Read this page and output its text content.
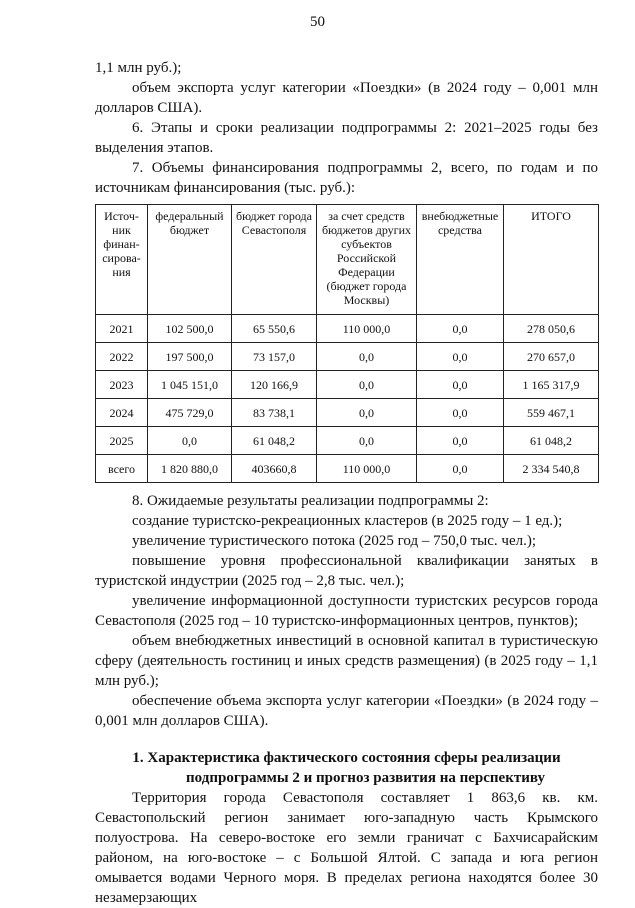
50

1,1 млн руб.);

объем экспорта услуг категории «Поездки» (в 2024 году – 0,001 млн долларов США).

6. Этапы и сроки реализации подпрограммы 2: 2021–2025 годы без выделения этапов.

7. Объемы финансирования подпрограммы 2, всего, по годам и по источникам финансирования (тыс. руб.):

Источ-ник финан-сирова-ния	федеральный бюджет	бюджет города Севастополя	за счет средств бюджетов других субъектов Российской Федерации (бюджет города Москвы)	внебюджетные средства	ИТОГО
2021	102 500,0	65 550,6	110 000,0	0,0	278 050,6
2022	197 500,0	73 157,0	0,0	0,0	270 657,0
2023	1 045 151,0	120 166,9	0,0	0,0	1 165 317,9
2024	475 729,0	83 738,1	0,0	0,0	559 467,1
2025	0,0	61 048,2	0,0	0,0	61 048,2
всего	1 820 880,0	403660,8	110 000,0	0,0	2 334 540,8

8. Ожидаемые результаты реализации подпрограммы 2:

создание туристско-рекреационных кластеров (в 2025 году – 1 ед.);

увеличение туристического потока (2025 год – 750,0 тыс. чел.);

повышение уровня профессиональной квалификации занятых в туристской индустрии (2025 год – 2,8 тыс. чел.);

увеличение информационной доступности туристских ресурсов города Севастополя (2025 год – 10 туристско-информационных центров, пунктов);

объем внебюджетных инвестиций в основной капитал в туристическую сферу (деятельность гостиниц и иных средств размещения) (в 2025 году – 1,1 млн руб.);

обеспечение объема экспорта услуг категории «Поездки» (в 2024 году – 0,001 млн долларов США).

1. Характеристика фактического состояния сферы реализации
подпрограммы 2 и прогноз развития на перспективу

Территория города Севастополя составляет 1 863,6 кв. км. Севастопольский регион занимает юго-западную часть Крымского полуострова. На северо-востоке его земли граничат с Бахчисарайским районом, на юго-востоке – с Большой Ялтой. С запада и юга регион омывается водами Черного моря. В пределах региона находятся более 30 незамерзающих
